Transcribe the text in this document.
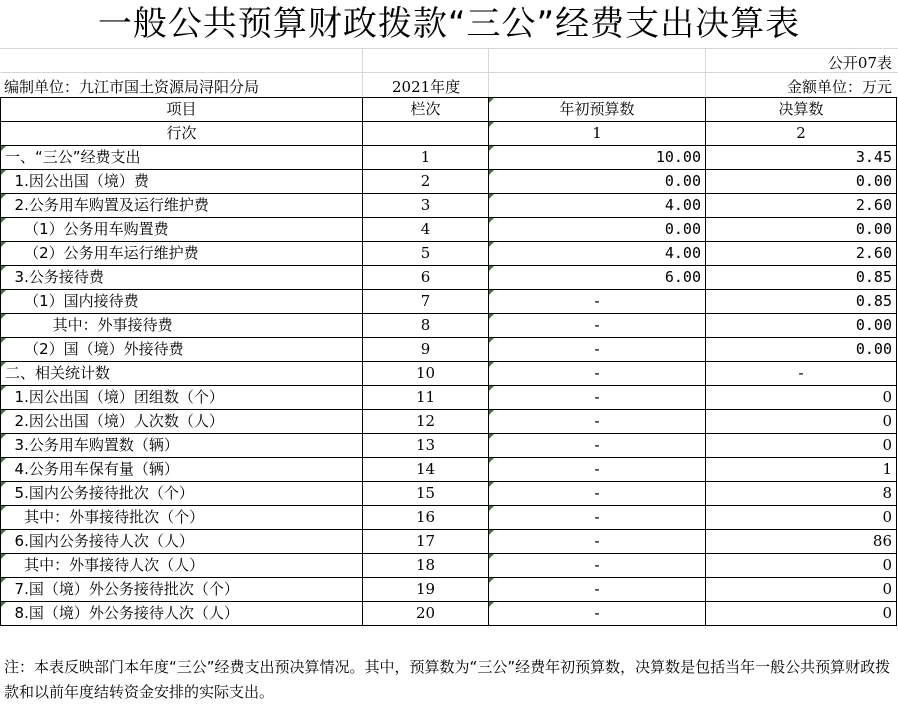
一般公共预算财政拨款“三公”经费支出决算表
公开07表
编制单位：九江市国土资源局浔阳分局	2021年度	金额单位：万元
项目	栏次	年初预算数	决算数
行次		1	2
一、“三公”经费支出	1	10.00	3.45
1.因公出国（境）费	2	0.00	0.00
2.公务用车购置及运行维护费	3	4.00	2.60
（1）公务用车购置费	4	0.00	0.00
（2）公务用车运行维护费	5	4.00	2.60
3.公务接待费	6	6.00	0.85
（1）国内接待费	7	-	0.85
其中：外事接待费	8	-	0.00
（2）国（境）外接待费	9	-	0.00
二、相关统计数	10	-	-
1.因公出国（境）团组数（个）	11	-	0
2.因公出国（境）人次数（人）	12	-	0
3.公务用车购置数（辆）	13	-	0
4.公务用车保有量（辆）	14	-	1
5.国内公务接待批次（个）	15	-	8
其中：外事接待批次（个）	16	-	0
6.国内公务接待人次（人）	17	-	86
其中：外事接待人次（人）	18	-	0
7.国（境）外公务接待批次（个）	19	-	0
8.国（境）外公务接待人次（人）	20	-	0
注：本表反映部门本年度“三公”经费支出预决算情况。其中，预算数为“三公”经费年初预算数，决算数是包括当年一般公共预算财政拨款和以前年度结转资金安排的实际支出。
